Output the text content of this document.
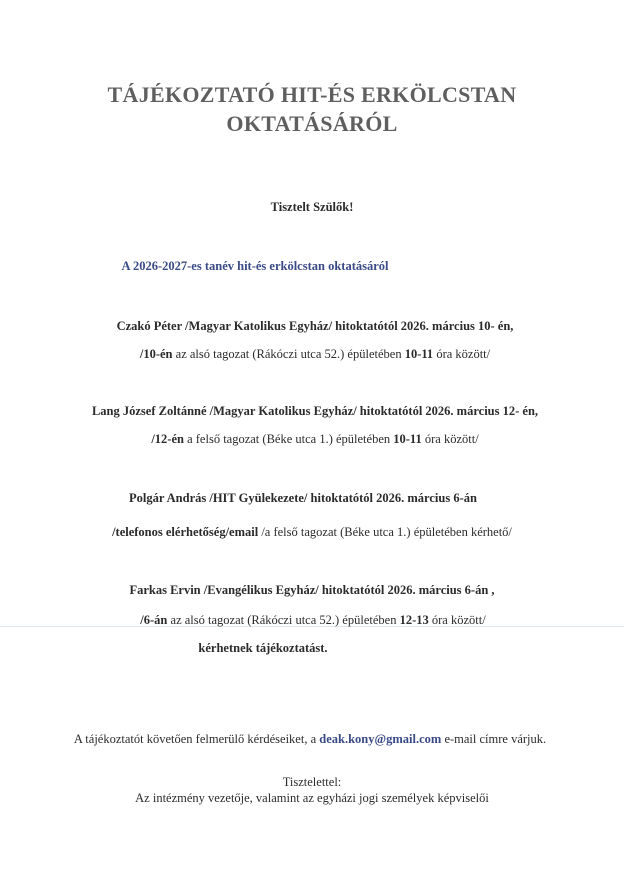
TÁJÉKOZTATÓ HIT-ÉS ERKÖLCSTAN
OKTATÁSÁRÓL
Tisztelt Szülők!
A 2026-2027-es tanév hit-és erkölcstan oktatásáról
Czakó Péter /Magyar Katolikus Egyház/ hitoktatótól 2026. március 10- én,
/10-én az alsó tagozat (Rákóczi utca 52.) épületében 10-11 óra között/
Lang József Zoltánné /Magyar Katolikus Egyház/ hitoktatótól 2026. március 12- én,
/12-én a felső tagozat (Béke utca 1.) épületében 10-11 óra között/
Polgár András /HIT Gyülekezete/ hitoktatótól 2026. március 6-án
/telefonos elérhetőség/email /a felső tagozat (Béke utca 1.) épületében kérhető/
Farkas Ervin /Evangélikus Egyház/ hitoktatótól 2026. március 6-án ,
/6-án az alsó tagozat (Rákóczi utca 52.) épületében 12-13 óra között/
kérhetnek tájékoztatást.
A tájékoztatót követően felmerülő kérdéseiket, a deak.kony@gmail.com e-mail címre várjuk.
Tisztelettel:
Az intézmény vezetője, valamint az egyházi jogi személyek képviselői
